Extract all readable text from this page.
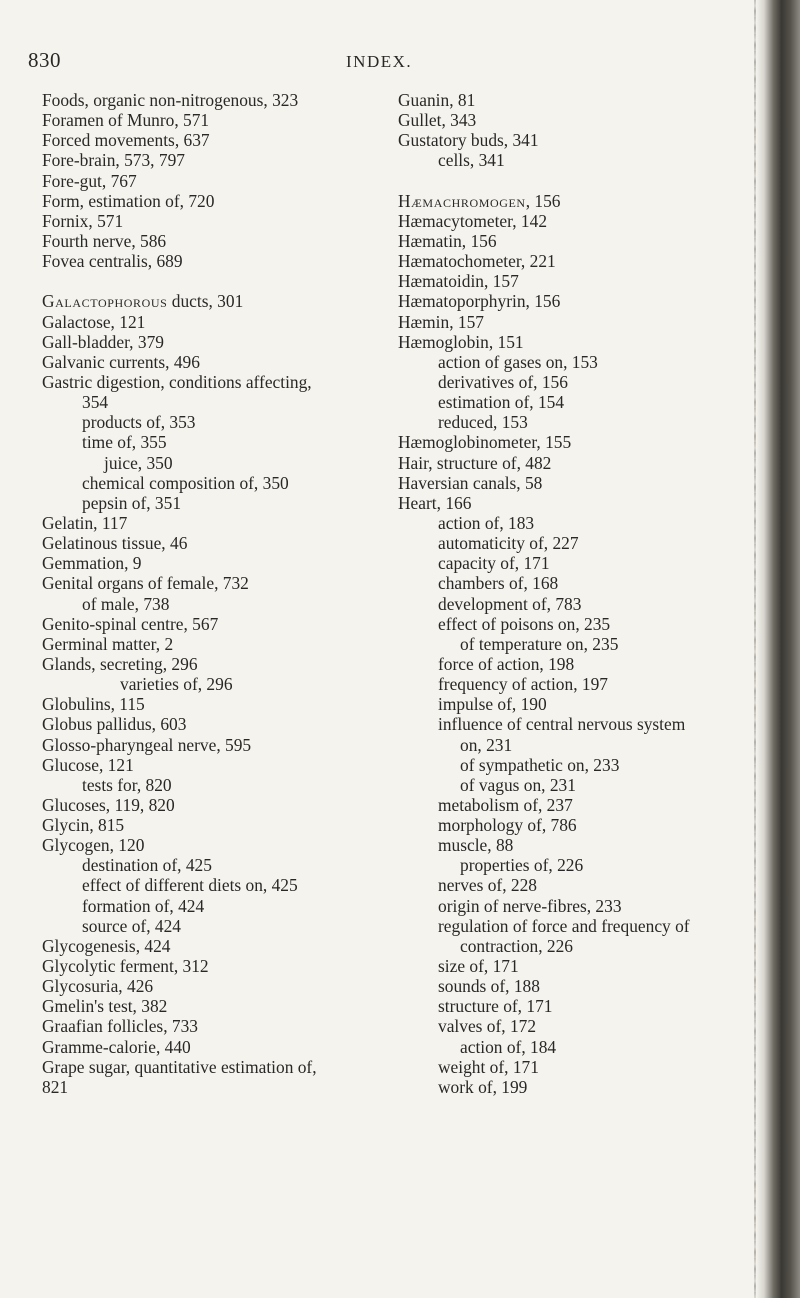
830	INDEX.
Foods, organic non-nitrogenous, 323
Foramen of Munro, 571
Forced movements, 637
Fore-brain, 573, 797
Fore-gut, 767
Form, estimation of, 720
Fornix, 571
Fourth nerve, 586
Fovea centralis, 689
Galactophorous ducts, 301
Galactose, 121
Gall-bladder, 379
Galvanic currents, 496
Gastric digestion, conditions affecting,
354
products of, 353
time of, 355
juice, 350
chemical composition of, 350
pepsin of, 351
Gelatin, 117
Gelatinous tissue, 46
Gemmation, 9
Genital organs of female, 732
of male, 738
Genito-spinal centre, 567
Germinal matter, 2
Glands, secreting, 296
varieties of, 296
Globulins, 115
Globus pallidus, 603
Glosso-pharyngeal nerve, 595
Glucose, 121
tests for, 820
Glucoses, 119, 820
Glycin, 815
Glycogen, 120
destination of, 425
effect of different diets on, 425
formation of, 424
source of, 424
Glycogenesis, 424
Glycolytic ferment, 312
Glycosuria, 426
Gmelin's test, 382
Graafian follicles, 733
Gramme-calorie, 440
Grape sugar, quantitative estimation of,
821
Guanin, 81
Gullet, 343
Gustatory buds, 341
cells, 341
Hæmachromogen, 156
Hæmacytometer, 142
Hæmatin, 156
Hæmatochometer, 221
Hæmatoidin, 157
Hæmatoporphyrin, 156
Hæmin, 157
Hæmoglobin, 151
action of gases on, 153
derivatives of, 156
estimation of, 154
reduced, 153
Hæmoglobinometer, 155
Hair, structure of, 482
Haversian canals, 58
Heart, 166
action of, 183
automaticity of, 227
capacity of, 171
chambers of, 168
development of, 783
effect of poisons on, 235
of temperature on, 235
force of action, 198
frequency of action, 197
impulse of, 190
influence of central nervous system
on, 231
of sympathetic on, 233
of vagus on, 231
metabolism of, 237
morphology of, 786
muscle, 88
properties of, 226
nerves of, 228
origin of nerve-fibres, 233
regulation of force and frequency of
contraction, 226
size of, 171
sounds of, 188
structure of, 171
valves of, 172
action of, 184
weight of, 171
work of, 199
